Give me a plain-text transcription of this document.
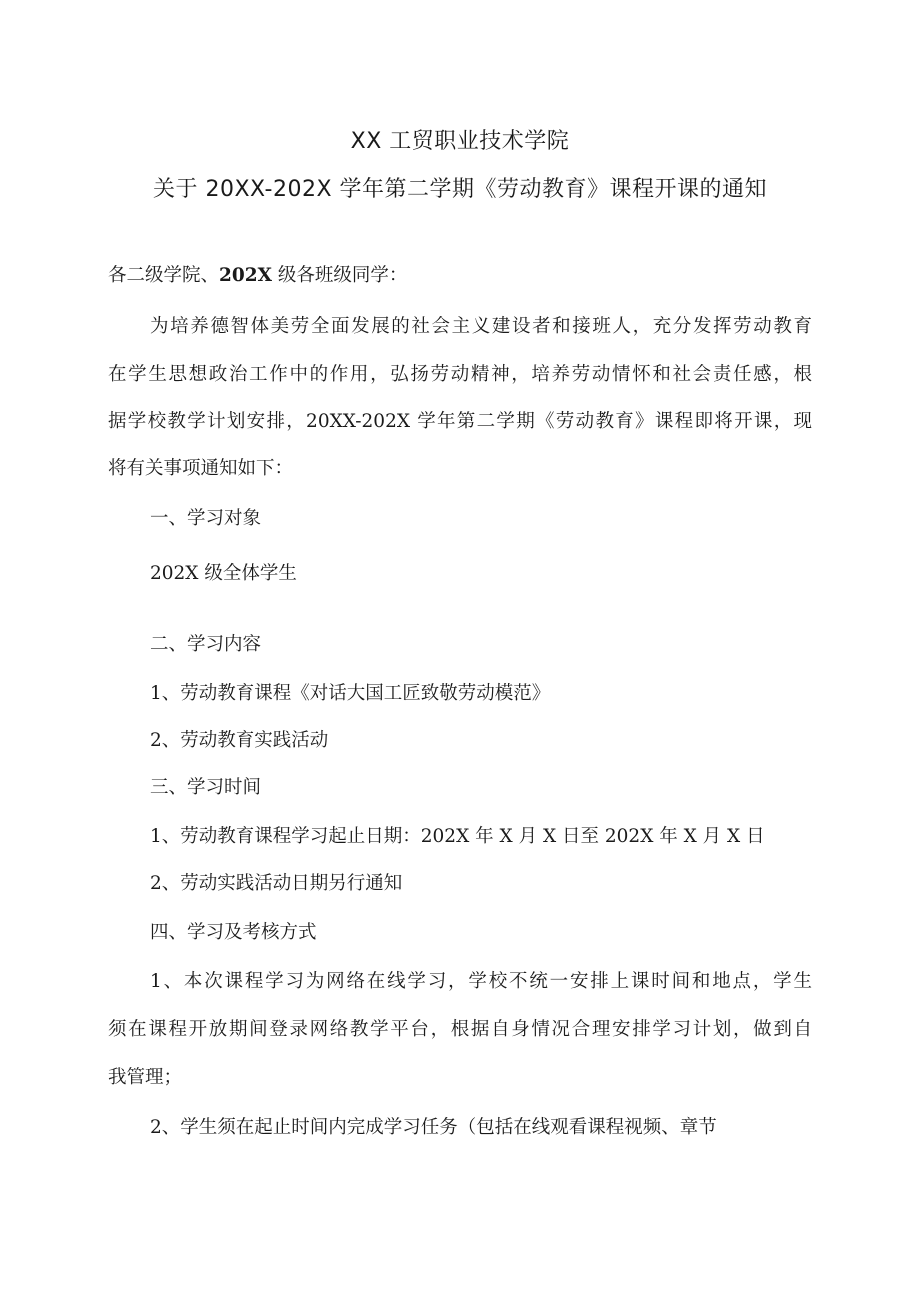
XX 工贸职业技术学院
关于 20XX-202X 学年第二学期《劳动教育》课程开课的通知
各二级学院、202X 级各班级同学：
为培养德智体美劳全面发展的社会主义建设者和接班人，充分发挥劳动教育
在学生思想政治工作中的作用，弘扬劳动精神，培养劳动情怀和社会责任感，根
据学校教学计划安排，20XX-202X 学年第二学期《劳动教育》课程即将开课，现
将有关事项通知如下：
一、学习对象
202X 级全体学生
二、学习内容
1、劳动教育课程《对话大国工匠致敬劳动模范》
2、劳动教育实践活动
三、学习时间
1、劳动教育课程学习起止日期：202X 年 X 月 X 日至 202X 年 X 月 X 日
2、劳动实践活动日期另行通知
四、学习及考核方式
1、本次课程学习为网络在线学习，学校不统一安排上课时间和地点，学生
须在课程开放期间登录网络教学平台，根据自身情况合理安排学习计划，做到自
我管理；
2、学生须在起止时间内完成学习任务（包括在线观看课程视频、章节
